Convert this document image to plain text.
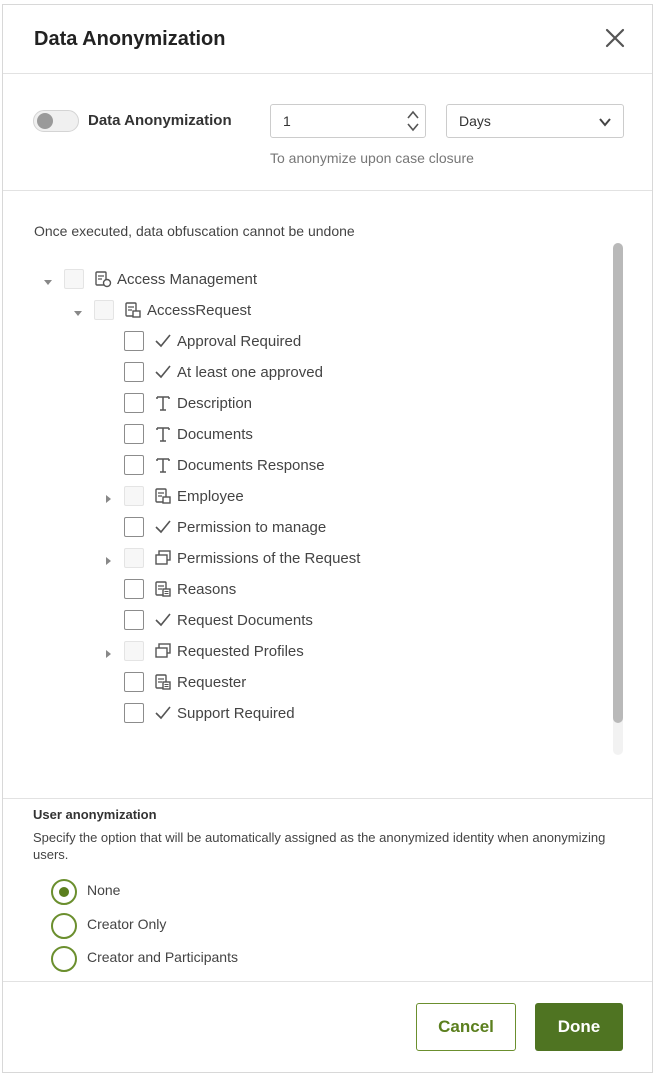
Data Anonymization
Data Anonymization
1	Days
To anonymize upon case closure
Once executed, data obfuscation cannot be undone
Access Management
AccessRequest
Approval Required
At least one approved
Description
Documents
Documents Response
Employee
Permission to manage
Permissions of the Request
Reasons
Request Documents
Requested Profiles
Requester
Support Required
User anonymization
Specify the option that will be automatically assigned as the anonymized identity when anonymizing users.
None
Creator Only
Creator and Participants
Cancel	Done
